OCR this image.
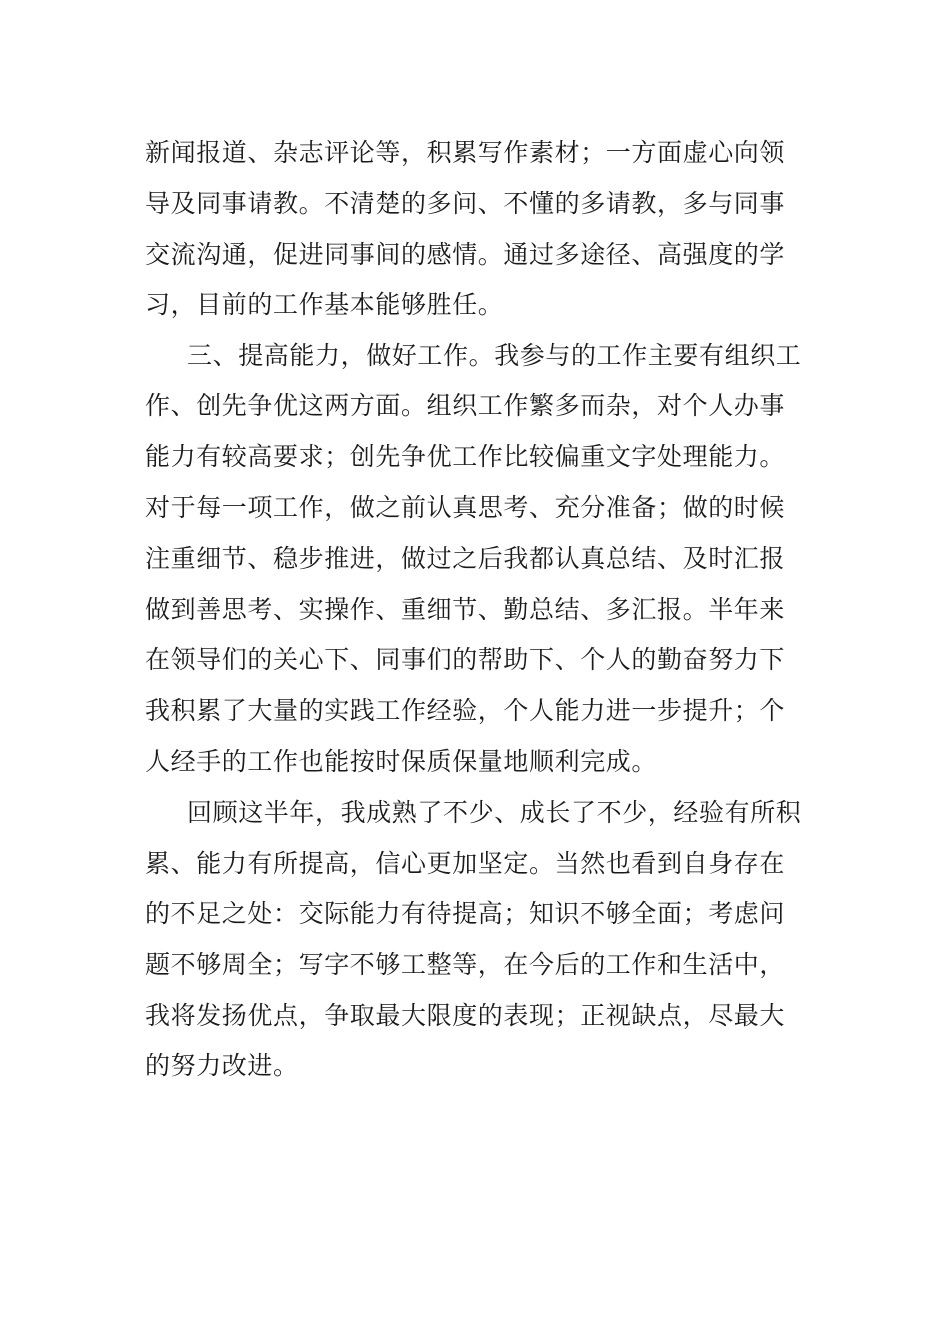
新闻报道、杂志评论等，积累写作素材；一方面虚心向领
导及同事请教。不清楚的多问、不懂的多请教，多与同事
交流沟通，促进同事间的感情。通过多途径、高强度的学
习，目前的工作基本能够胜任。
三、提高能力，做好工作。我参与的工作主要有组织工
作、创先争优这两方面。组织工作繁多而杂，对个人办事
能力有较高要求；创先争优工作比较偏重文字处理能力。
对于每一项工作，做之前认真思考、充分准备；做的时候
注重细节、稳步推进，做过之后我都认真总结、及时汇报
做到善思考、实操作、重细节、勤总结、多汇报。半年来
在领导们的关心下、同事们的帮助下、个人的勤奋努力下
我积累了大量的实践工作经验，个人能力进一步提升；个
人经手的工作也能按时保质保量地顺利完成。
回顾这半年，我成熟了不少、成长了不少，经验有所积
累、能力有所提高，信心更加坚定。当然也看到自身存在
的不足之处：交际能力有待提高；知识不够全面；考虑问
题不够周全；写字不够工整等，在今后的工作和生活中，
我将发扬优点，争取最大限度的表现；正视缺点，尽最大
的努力改进。
